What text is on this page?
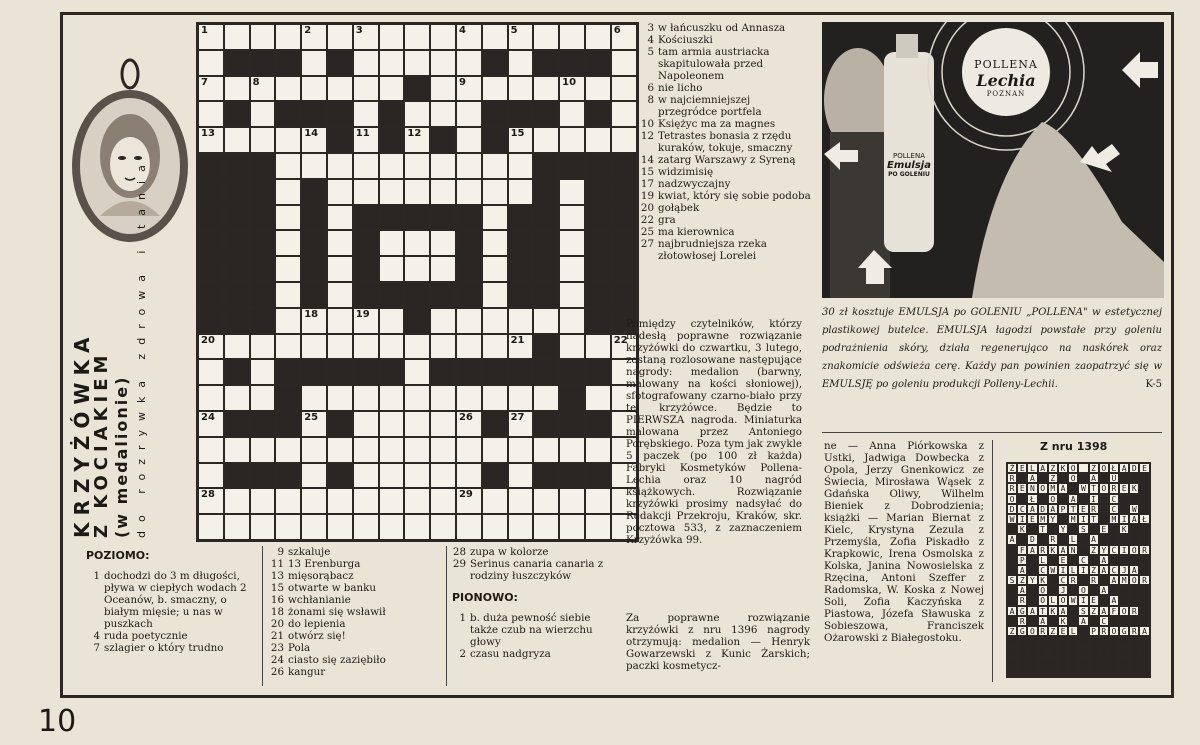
KRZYŻÓWKA
Z KOCIAKIEM (w medalionie) do rozrywka zdrowa i tania
1	2	3	4	5	6
7	8	9	10
13	14	11	12	15
18	19
20	21	22
24	25	26	27
28	29
3 w łańcuszku od Annasza
4 Kościuszki
5 tam armia austriacka skapitulowała przed Napoleonem
6 nie licho
8 w najciemniejszej przegródce portfela
10 Księżyc ma za magnes
12 Tetrastes bonasia z rzędu kuraków, tokuje, smaczny
14 zatarg Warszawy z Syreną
15 widzimisię
17 nadzwyczajny
19 kwiat, który się sobie podoba
20 gołąbek
22 gra
25 ma kierownica
27 najbrudniejsza rzeka złotowłosej Lorelei
Pomiędzy czytelników, którzy nadesłą poprawne rozwiązanie krzyżówki do czwartku, 3 lutego, zostaną rozlosowane następujące nagrody: medalion (barwny, malowany na kości słoniowej), sfotografowany czarno-biało przy tej krzyżówce. Będzie to PIERWSZA nagroda. Miniaturka malowana przez Antoniego Porębskiego. Poza tym jak zwykle 5 paczek (po 100 zł każda) Fabryki Kosmetyków Pollena-Lechia oraz 10 nagród książkowych. Rozwiązanie krzyżówki prosimy nadsyłać do Redakcji Przekroju, Kraków, skr. pocztowa 533, z zaznaczeniem Krzyżówka 99.
POZIOMO:
1 dochodzi do 3 m długości, pływa w ciepłych wodach 2 Oceanów, b. smaczny, o białym mięsie; u nas w puszkach
4 ruda poetycznie
7 szlagier o który trudno
9 szkaluje
11 13 Erenburga
13 mięsorąbacz
15 otwarte w banku
16 wchłanianie
18 żonami się wsławił
20 do lepienia
21 otwórz się!
23 Pola
24 ciasto się zaziębiło
26 kangur
28 zupa w kolorze
29 Serinus canaria canaria z rodziny łuszczyków
PIONOWO:
1 b. duża pewność siebie także czub na wierzchu głowy
2 czasu nadgryza
Za poprawne rozwiązanie krzyżówki z nru 1396 nagrody otrzymują: medalion — Henryk Gowarzewski z Kunic Żarskich; paczki kosmetycz-
POLLENA
Lechia
POZNAŃ
POLLENA
Emulsja
PO GOLENIU
30 zł kosztuje EMULSJA po GOLENIU „POLLENA" w estetycznej plastikowej butelce. EMULSJA łagodzi powstałe przy goleniu podrażnienia skóry, działa regenerująco na naskórek oraz znakomicie odświeża cerę. Każdy pan powinien zaopatrzyć się w EMULSJĘ po goleniu produkcji Polleny-Lechii.	K-5
ne — Anna Piórkowska z Ustki, Jadwiga Dowbecka z Opola, Jerzy Gnenkowicz ze Świecia, Mirosława Wąsek z Gdańska Oliwy, Wilhelm Bieniek z Dobrodzienia; książki — Marian Biernat z Kielc, Krystyna Zezula z Przemyśla, Zofia Piskadło z Krapkowic, Irena Osmolska z Kolska, Janina Nowosielska z Rzęcina, Antoni Szeffer z Radomska, W. Koska z Nowej Soli, Zofia Kaczyńska z Piastowa, Józefa Sławuska z Sobieszowa, Franciszek Ożarowski z Białegostoku.
Z nru 1398
Ż E L A Z K O	Z O Ł Ą D E
R	A	Z	O	A	U
R E N O M A	W T O R E K
O	Ł	O	A	I	C
D C A D A P T E R	C	W
W I E M Y	M I T	M I A Ł
K	T	Y	S	E	K
A	D	R	L	A
F A R K A N	Z Y C I O R
P	L	E	C	A
A	C W I L I Z A C J A
S Z Y K	C R	R	A M O R
A	O	J	O	A
R	O L O W I E	A
A G A T K A	S Z A F O R
R	A	K	A	C
Z G O R Z E L	P R O G R A
10
